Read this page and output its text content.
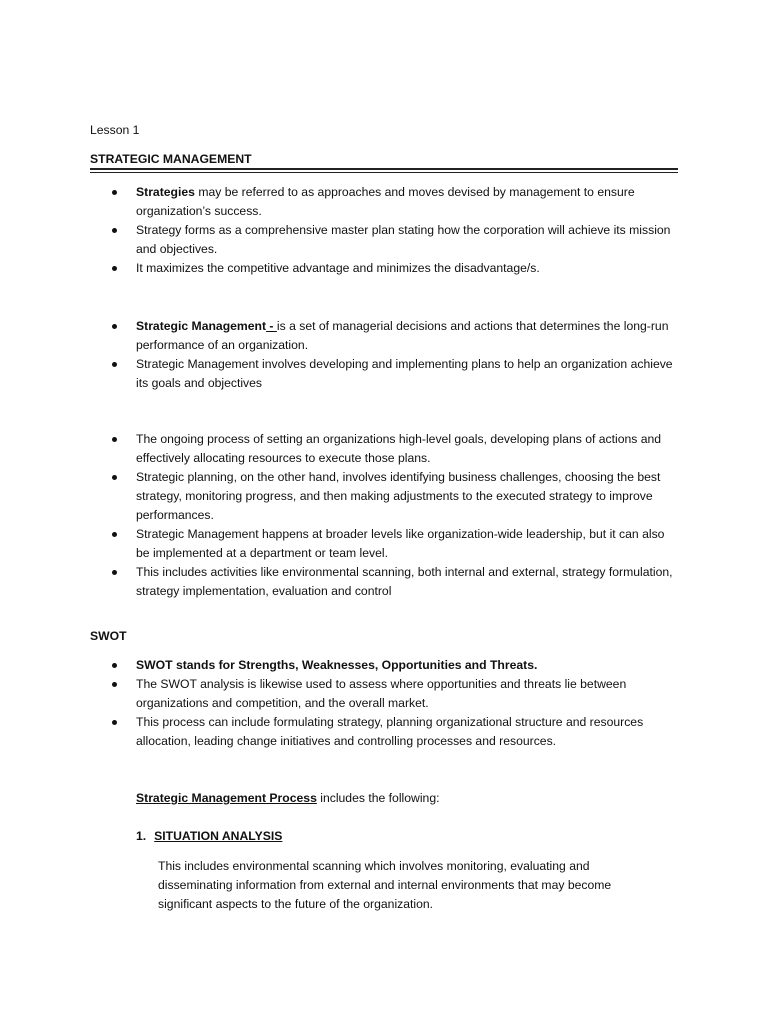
Lesson 1
STRATEGIC MANAGEMENT
Strategies may be referred to as approaches and moves devised by management to ensure organization’s success.
Strategy forms as a comprehensive master plan stating how the corporation will achieve its mission and objectives.
It maximizes the competitive advantage and minimizes the disadvantage/s.
Strategic Management - is a set of managerial decisions and actions that determines the long-run performance of an organization.
Strategic Management involves developing and implementing plans to help an organization achieve its goals and objectives
The ongoing process of setting an organizations high-level goals, developing plans of actions and effectively allocating resources to execute those plans.
Strategic planning, on the other hand, involves identifying business challenges, choosing the best strategy, monitoring progress, and then making adjustments to the executed strategy to improve performances.
Strategic Management happens at broader levels like organization-wide leadership, but it can also be implemented at a department or team level.
This includes activities like environmental scanning, both internal and external, strategy formulation, strategy implementation, evaluation and control
SWOT
SWOT stands for Strengths, Weaknesses, Opportunities and Threats.
The SWOT analysis is likewise used to assess where opportunities and threats lie between organizations and competition, and the overall market.
This process can include formulating strategy, planning organizational structure and resources allocation, leading change initiatives and controlling processes and resources.
Strategic Management Process includes the following:
1. SITUATION ANALYSIS
This includes environmental scanning which involves monitoring, evaluating and disseminating information from external and internal environments that may become significant aspects to the future of the organization.
